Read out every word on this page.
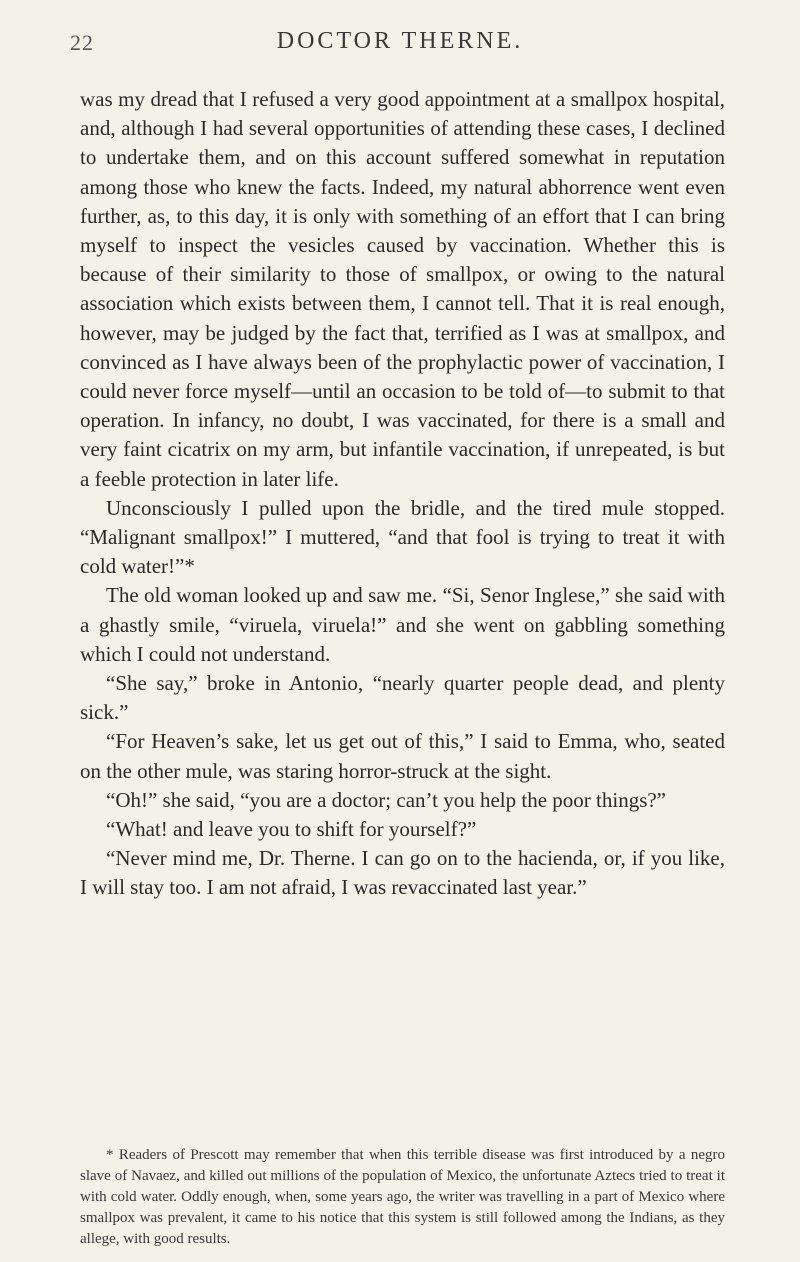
22	DOCTOR THERNE.

was my dread that I refused a very good appointment at a smallpox hospital, and, although I had several opportunities of attending these cases, I declined to undertake them, and on this account suffered somewhat in reputation among those who knew the facts. Indeed, my natural abhorrence went even further, as, to this day, it is only with something of an effort that I can bring myself to inspect the vesicles caused by vaccination. Whether this is because of their similarity to those of smallpox, or owing to the natural association which exists between them, I cannot tell. That it is real enough, however, may be judged by the fact that, terrified as I was at smallpox, and convinced as I have always been of the prophylactic power of vaccination, I could never force myself—until an occasion to be told of—to submit to that operation. In infancy, no doubt, I was vaccinated, for there is a small and very faint cicatrix on my arm, but infantile vaccination, if unrepeated, is but a feeble protection in later life.

Unconsciously I pulled upon the bridle, and the tired mule stopped. “Malignant smallpox!” I muttered, “and that fool is trying to treat it with cold water!”*

The old woman looked up and saw me. “Si, Senor Inglese,” she said with a ghastly smile, “viruela, viruela!” and she went on gabbling something which I could not understand.

“She say,” broke in Antonio, “nearly quarter people dead, and plenty sick.”

“For Heaven’s sake, let us get out of this,” I said to Emma, who, seated on the other mule, was staring horror-struck at the sight.

“Oh!” she said, “you are a doctor; can’t you help the poor things?”

“What! and leave you to shift for yourself?”

“Never mind me, Dr. Therne. I can go on to the hacienda, or, if you like, I will stay too. I am not afraid, I was revaccinated last year.”

* Readers of Prescott may remember that when this terrible disease was first introduced by a negro slave of Navaez, and killed out millions of the population of Mexico, the unfortunate Aztecs tried to treat it with cold water. Oddly enough, when, some years ago, the writer was travelling in a part of Mexico where smallpox was prevalent, it came to his notice that this system is still followed among the Indians, as they allege, with good results.
